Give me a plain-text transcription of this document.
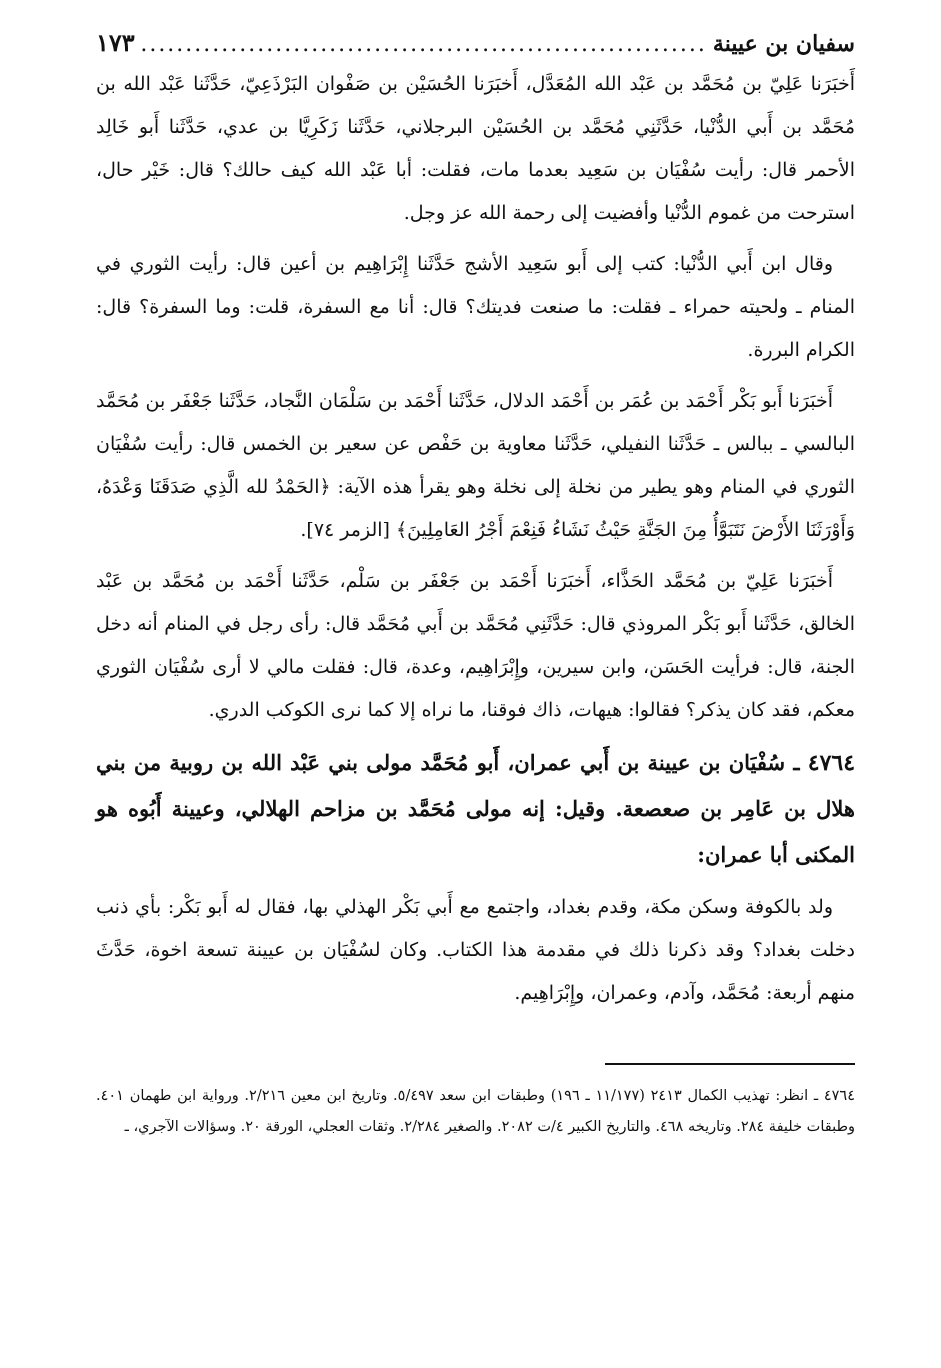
سفيان بن عيينة
.....
١٧٣

أَخبَرَنا عَلِيّ بن مُحَمَّد بن عَبْد الله المُعَدَّل، أَخبَرَنا الحُسَيْن بن صَفْوان البَرْذَعِيّ، حَدَّثَنا عَبْد الله بن مُحَمَّد بن أَبي الدُّنْيا، حَدَّثَنِي مُحَمَّد بن الحُسَيْن البرجلاني، حَدَّثَنا زَكَرِيَّا بن عدي، حَدَّثَنا أَبو خَالِد الأحمر قال: رأيت سُفْيَان بن سَعِيد بعدما مات، فقلت: أبا عَبْد الله كيف حالك؟ قال: خَيْر حال، استرحت من غموم الدُّنْيا وأفضيت إلى رحمة الله عز وجل.

وقال ابن أَبي الدُّنْيا: كتب إلى أَبو سَعِيد الأشج حَدَّثَنا إِبْرَاهِيم بن أعين قال: رأيت الثوري في المنام ـ ولحيته حمراء ـ فقلت: ما صنعت فديتك؟ قال: أنا مع السفرة، قلت: وما السفرة؟ قال: الكرام البررة.

أَخبَرَنا أَبو بَكْر أَحْمَد بن عُمَر بن أَحْمَد الدلال، حَدَّثَنا أَحْمَد بن سَلْمَان النَّجاد، حَدَّثَنا جَعْفَر بن مُحَمَّد البالسي ـ ببالس ـ حَدَّثَنا النفيلي، حَدَّثَنا معاوية بن حَفْص عن سعير بن الخمس قال: رأيت سُفْيَان الثوري في المنام وهو يطير من نخلة إلى نخلة وهو يقرأ هذه الآية: ﴿الحَمْدُ لله الَّذِي صَدَقَنَا وَعْدَهُ، وَأَوْرَثَنَا الأَرْضَ نَتَبَوَّأُ مِنَ الجَنَّةِ حَيْثُ نَشَاءُ فَنِعْمَ أَجْرُ العَامِلِينَ﴾ [الزمر ٧٤].

أَخبَرَنا عَلِيّ بن مُحَمَّد الحَذَّاء، أَخبَرَنا أَحْمَد بن جَعْفَر بن سَلْم، حَدَّثَنا أَحْمَد بن مُحَمَّد بن عَبْد الخالق، حَدَّثَنا أَبو بَكْر المروذي قال: حَدَّثَنِي مُحَمَّد بن أَبي مُحَمَّد قال: رأى رجل في المنام أنه دخل الجنة، قال: فرأيت الحَسَن، وابن سيرين، وإِبْرَاهِيم، وعدة، قال: فقلت مالي لا أرى سُفْيَان الثوري معكم، فقد كان يذكر؟ فقالوا: هيهات، ذاك فوقنا، ما نراه إلا كما نرى الكوكب الدري.

٤٧٦٤ ـ سُفْيَان بن عيينة بن أَبي عمران، أَبو مُحَمَّد مولى بني عَبْد الله بن روبية من بني هلال بن عَامِر بن صعصعة. وقيل: إنه مولى مُحَمَّد بن مزاحم الهلالي، وعيينة أَبُوه هو المكنى أبا عمران:

ولد بالكوفة وسكن مكة، وقدم بغداد، واجتمع مع أَبي بَكْر الهذلي بها، فقال له أَبو بَكْر: بأي ذنب دخلت بغداد؟ وقد ذكرنا ذلك في مقدمة هذا الكتاب. وكان لسُفْيَان بن عيينة تسعة اخوة، حَدَّثَ منهم أربعة: مُحَمَّد، وآدم، وعمران، وإِبْرَاهِيم.

٤٧٦٤ ـ انظر: تهذيب الكمال ٢٤١٣ (١١/١٧٧ ـ ١٩٦) وطبقات ابن سعد ٥/٤٩٧. وتاريخ ابن معين ٢/٢١٦. ورواية ابن طهمان ٤٠١. وطبقات خليفة ٢٨٤. وتاريخه ٤٦٨. والتاريخ الكبير ٤/ت ٢٠٨٢. والصغير ٢/٢٨٤. وثقات العجلي، الورقة ٢٠. وسؤالات الآجري، ـ
